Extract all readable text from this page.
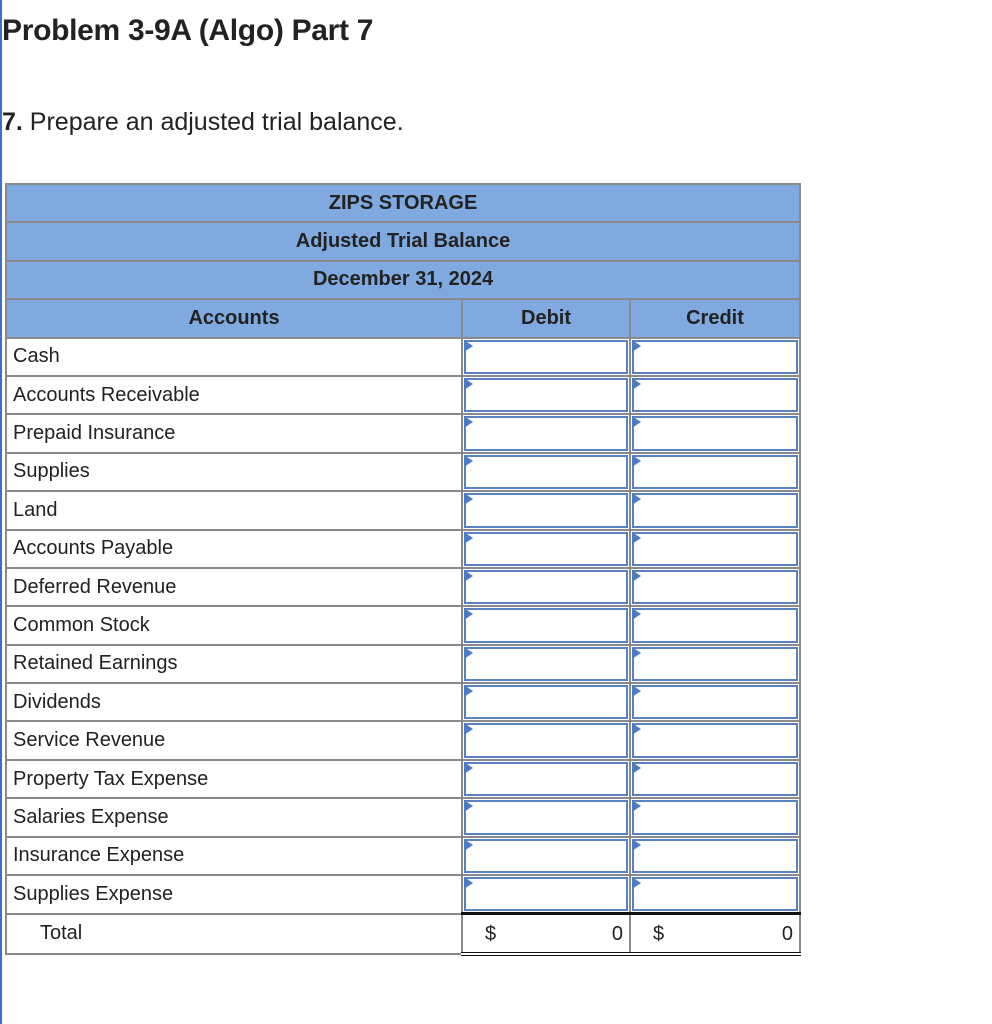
Problem 3-9A (Algo) Part 7
7. Prepare an adjusted trial balance.
ZIPS STORAGE		
Adjusted Trial Balance		
December 31, 2024		
Accounts	Debit	Credit
Cash	

Accounts Receivable	

Prepaid Insurance	

Supplies	

Land	

Accounts Payable	

Deferred Revenue	

Common Stock	

Retained Earnings	

Dividends	

Service Revenue	

Property Tax Expense	

Salaries Expense	

Insurance Expense	

Supplies Expense	

Total	$ 0	$ 0
